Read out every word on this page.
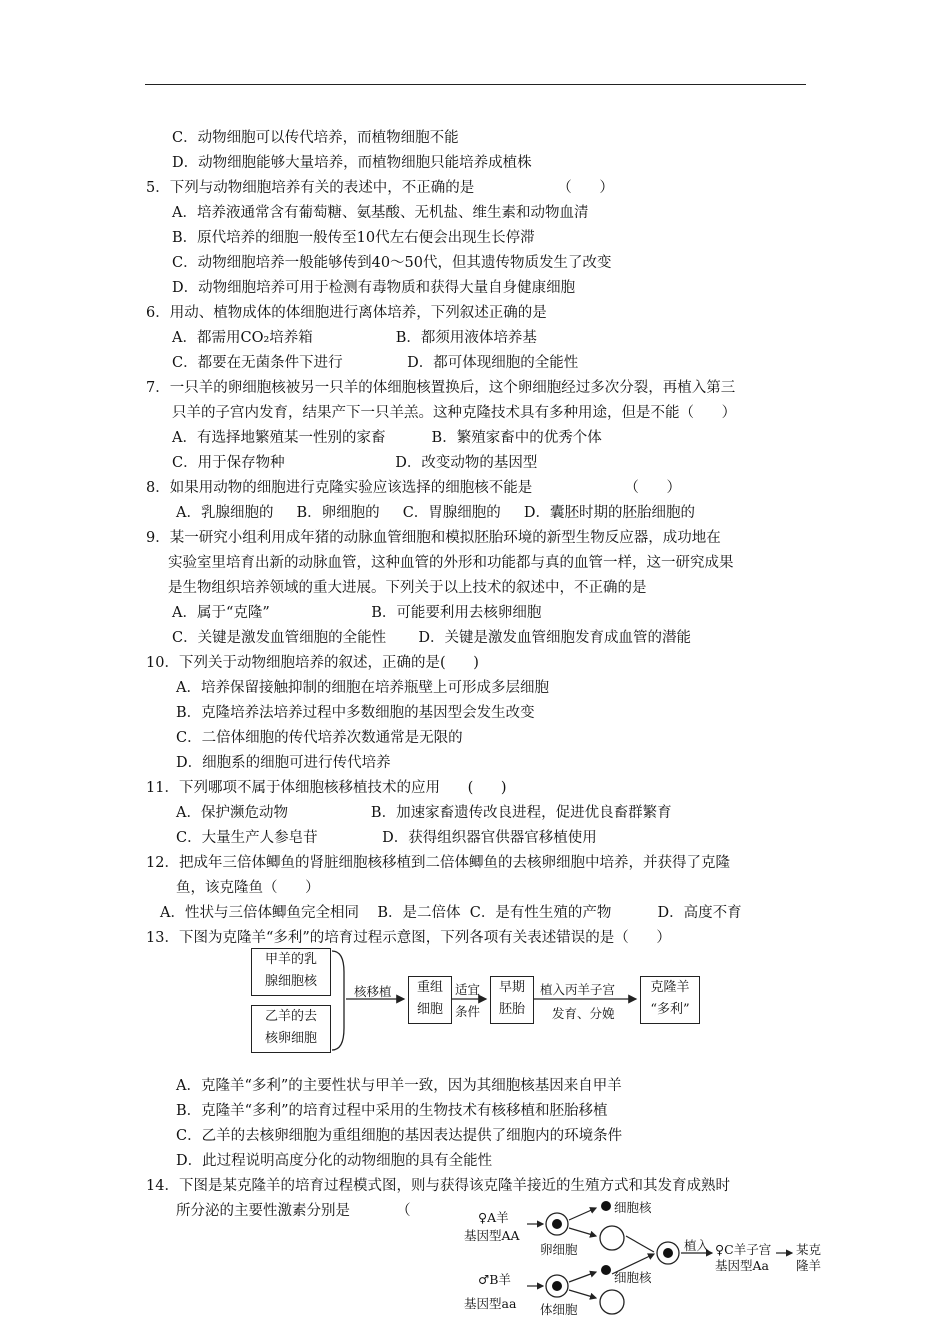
C．动物细胞可以传代培养，而植物细胞不能
D．动物细胞能够大量培养，而植物细胞只能培养成植株
5．下列与动物细胞培养有关的表述中，不正确的是                  （      ）
A．培养液通常含有葡萄糖、氨基酸、无机盐、维生素和动物血清
B．原代培养的细胞一般传至10代左右便会出现生长停滞
C．动物细胞培养一般能够传到40～50代，但其遗传物质发生了改变
D．动物细胞培养可用于检测有毒物质和获得大量自身健康细胞
6．用动、植物成体的体细胞进行离体培养，下列叙述正确的是
A．都需用CO₂培养箱                  B．都须用液体培养基
C．都要在无菌条件下进行              D．都可体现细胞的全能性
7．一只羊的卵细胞核被另一只羊的体细胞核置换后，这个卵细胞经过多次分裂，再植入第三
只羊的子宫内发育，结果产下一只羊羔。这种克隆技术具有多种用途，但是不能（      ）
A．有选择地繁殖某一性别的家畜          B．繁殖家畜中的优秀个体
C．用于保存物种                        D．改变动物的基因型
8．如果用动物的细胞进行克隆实验应该选择的细胞核不能是                    （      ）
A．乳腺细胞的     B．卵细胞的     C．胃腺细胞的     D．囊胚时期的胚胎细胞的
9．某一研究小组利用成年猪的动脉血管细胞和模拟胚胎环境的新型生物反应器，成功地在
实验室里培育出新的动脉血管，这种血管的外形和功能都与真的血管一样，这一研究成果
是生物组织培养领域的重大进展。下列关于以上技术的叙述中，不正确的是
A．属于“克隆”                      B．可能要利用去核卵细胞
C．关键是激发血管细胞的全能性       D．关键是激发血管细胞发育成血管的潜能
10．下列关于动物细胞培养的叙述，正确的是(      )
A．培养保留接触抑制的细胞在培养瓶壁上可形成多层细胞
B．克隆培养法培养过程中多数细胞的基因型会发生改变
C．二倍体细胞的传代培养次数通常是无限的
D．细胞系的细胞可进行传代培养
11．下列哪项不属于体细胞核移植技术的应用      (      )
A．保护濒危动物                  B．加速家畜遗传改良进程，促进优良畜群繁育
C．大量生产人参皂苷              D．获得组织器官供器官移植使用
12．把成年三倍体鲫鱼的肾脏细胞核移植到二倍体鲫鱼的去核卵细胞中培养，并获得了克隆
鱼，该克隆鱼（      ）
A．性状与三倍体鲫鱼完全相同    B．是二倍体  C．是有性生殖的产物          D．高度不育
13．下图为克隆羊“多利”的培育过程示意图，下列各项有关表述错误的是（      ）
A．克隆羊“多利”的主要性状与甲羊一致，因为其细胞核基因来自甲羊
B．克隆羊“多利”的培育过程中采用的生物技术有核移植和胚胎移植
C．乙羊的去核卵细胞为重组细胞的基因表达提供了细胞内的环境条件
D．此过程说明高度分化的动物细胞的具有全能性
14．下图是某克隆羊的培育过程模式图，则与获得该克隆羊接近的生殖方式和其发育成熟时
所分泌的主要性激素分别是          （
甲羊的乳
腺细胞核
乙羊的去
核卵细胞
重组
细胞
早期
胚胎
克隆羊
“多利”
核移植	适宜
条件
植入丙羊子宫
发育、分娩
♀A羊
基因型AA
卵细胞
细胞核
♂B羊
基因型aa 体细胞
细胞核
植入 ♀C羊子宫
基因型Aa
某克
隆羊
